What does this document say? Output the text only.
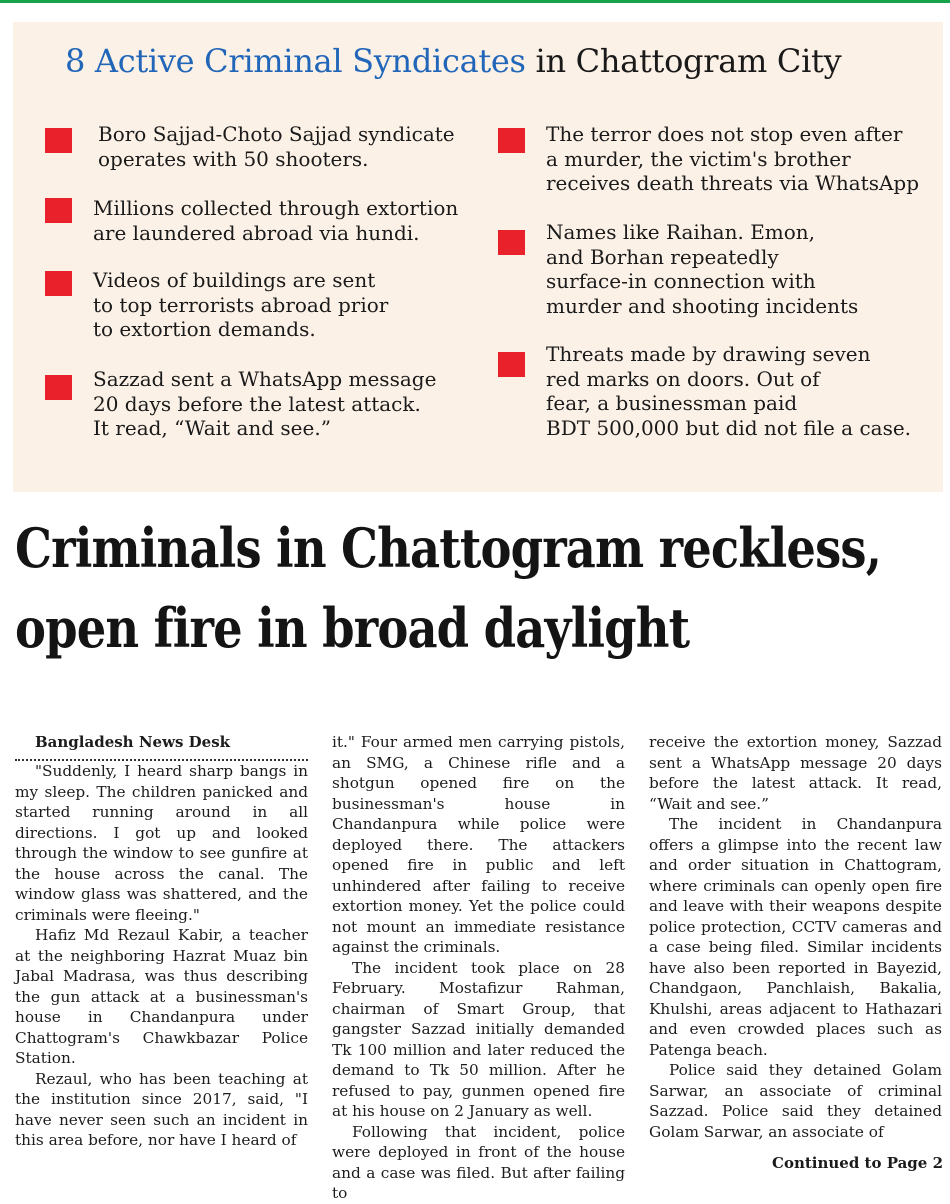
8 Active Criminal Syndicates in Chattogram City
Boro Sajjad-Choto Sajjad syndicate
operates with 50 shooters.
Millions collected through extortion
are laundered abroad via hundi.
Videos of buildings are sent
to top terrorists abroad prior
to extortion demands.
Sazzad sent a WhatsApp message
20 days before the latest attack.
It read, “Wait and see.”
The terror does not stop even after
a murder, the victim's brother
receives death threats via WhatsApp
Names like Raihan. Emon,
and Borhan repeatedly
surface-in connection with
murder and shooting incidents
Threats made by drawing seven
red marks on doors. Out of
fear, a businessman paid
BDT 500,000 but did not file a case.
Criminals in Chattogram reckless,
open fire in broad daylight

Bangladesh News Desk

"Suddenly, I heard sharp bangs in my sleep. The children panicked and started running around in all directions. I got up and looked through the window to see gunfire at the house across the canal. The window glass was shattered, and the criminals were fleeing."

Hafiz Md Rezaul Kabir, a teacher at the neighboring Hazrat Muaz bin Jabal Madrasa, was thus describing the gun attack at a businessman's house in Chandanpura under Chattogram's Chawkbazar Police Station.

Rezaul, who has been teaching at the institution since 2017, said, "I have never seen such an incident in this area before, nor have I heard of

it." Four armed men carrying pistols, an SMG, a Chinese rifle and a shotgun opened fire on the businessman's house in Chandanpura while police were deployed there. The attackers opened fire in public and left unhindered after failing to receive extortion money. Yet the police could not mount an immediate resistance against the criminals.

The incident took place on 28 February. Mostafizur Rahman, chairman of Smart Group, that gangster Sazzad initially demanded Tk 100 million and later reduced the demand to Tk 50 million. After he refused to pay, gunmen opened fire at his house on 2 January as well.

Following that incident, police were deployed in front of the house and a case was filed. But after failing to

receive the extortion money, Sazzad sent a WhatsApp message 20 days before the latest attack. It read, “Wait and see.”

The incident in Chandanpura offers a glimpse into the recent law and order situation in Chattogram, where criminals can openly open fire and leave with their weapons despite police protection, CCTV cameras and a case being filed. Similar incidents have also been reported in Bayezid, Chandgaon, Panchlaish, Bakalia, Khulshi, areas adjacent to Hathazari and even crowded places such as Patenga beach.

Police said they detained Golam Sarwar, an associate of criminal Sazzad. Police said they detained Golam Sarwar, an associate of

Continued to Page 2
